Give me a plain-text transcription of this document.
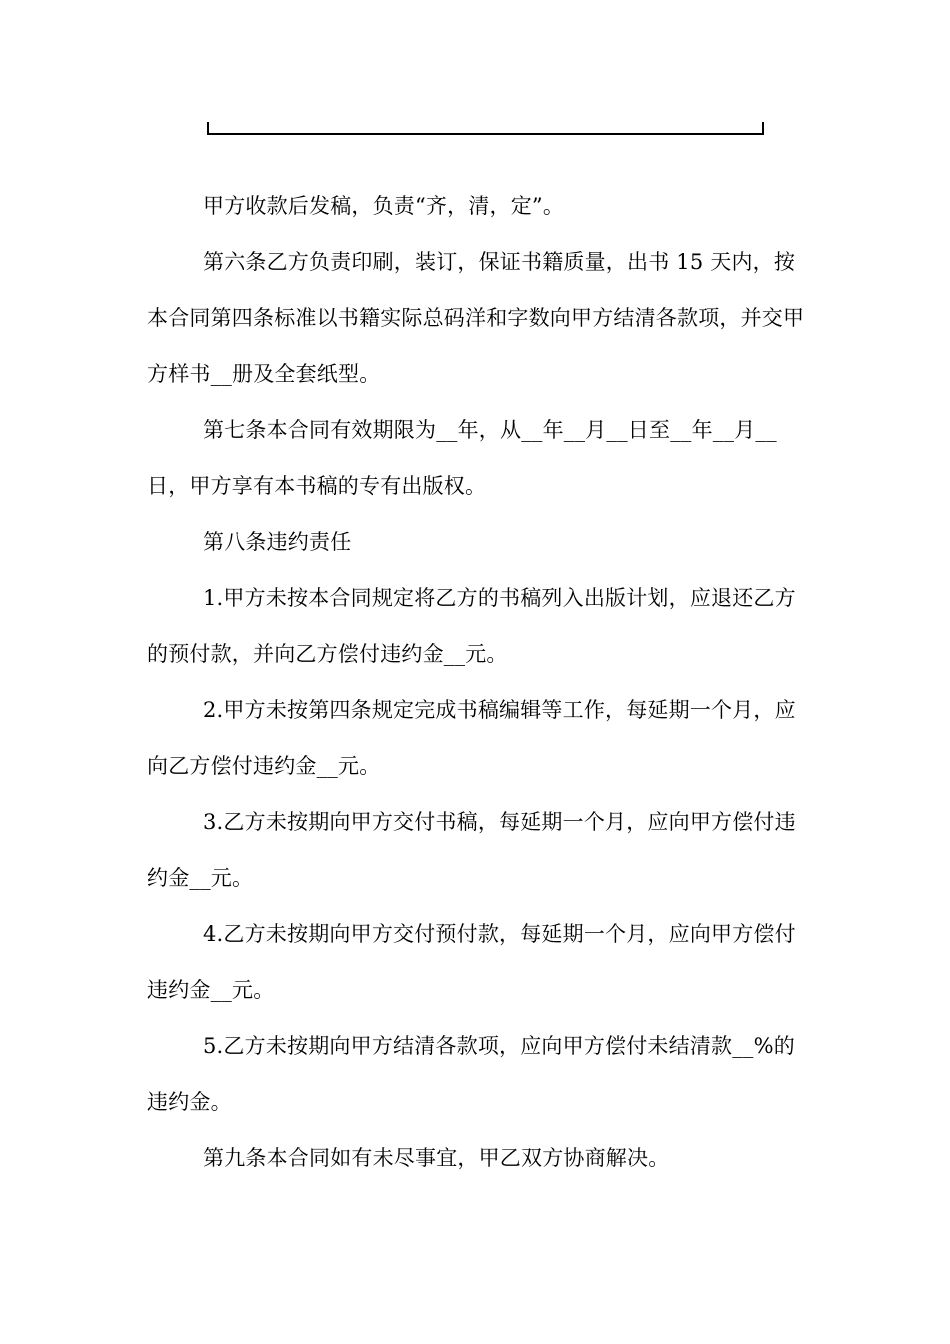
甲方收款后发稿，负责“齐，清，定”。

第六条乙方负责印刷，装订，保证书籍质量，出书 15 天内，按本合同第四条标准以书籍实际总码洋和字数向甲方结清各款项，并交甲方样书__册及全套纸型。

第七条本合同有效期限为__年，从__年__月__日至__年__月__日，甲方享有本书稿的专有出版权。

第八条违约责任

1.甲方未按本合同规定将乙方的书稿列入出版计划，应退还乙方的预付款，并向乙方偿付违约金__元。

2.甲方未按第四条规定完成书稿编辑等工作，每延期一个月，应向乙方偿付违约金__元。

3.乙方未按期向甲方交付书稿，每延期一个月，应向甲方偿付违约金__元。

4.乙方未按期向甲方交付预付款，每延期一个月，应向甲方偿付违约金__元。

5.乙方未按期向甲方结清各款项，应向甲方偿付未结清款__%的违约金。

第九条本合同如有未尽事宜，甲乙双方协商解决。
